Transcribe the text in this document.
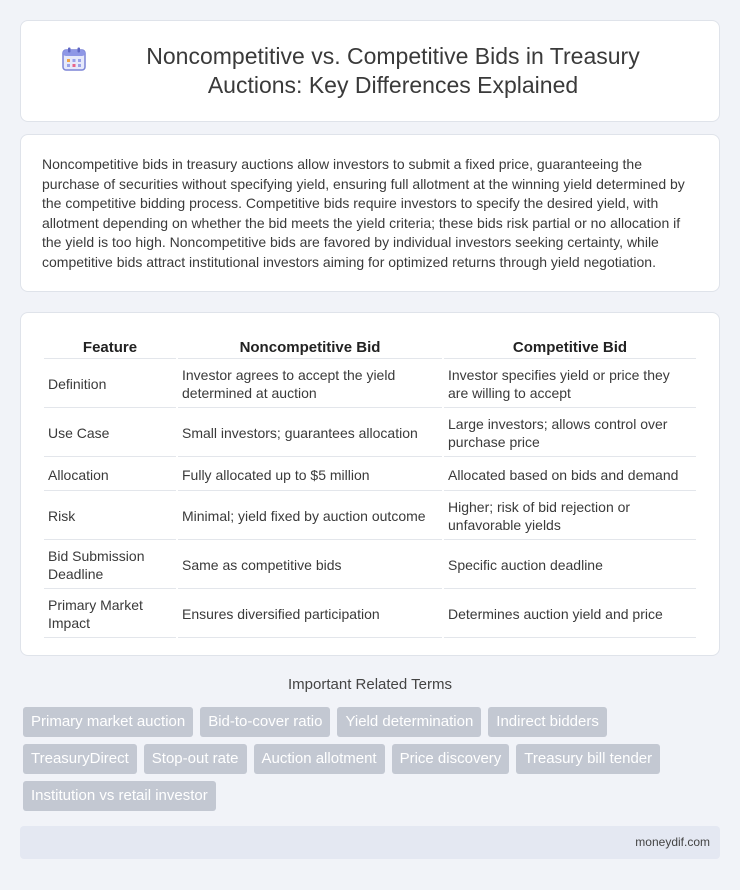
Noncompetitive vs. Competitive Bids in Treasury Auctions: Key Differences Explained

Noncompetitive bids in treasury auctions allow investors to submit a fixed price, guaranteeing the purchase of securities without specifying yield, ensuring full allotment at the winning yield determined by the competitive bidding process. Competitive bids require investors to specify the desired yield, with allotment depending on whether the bid meets the yield criteria; these bids risk partial or no allocation if the yield is too high. Noncompetitive bids are favored by individual investors seeking certainty, while competitive bids attract institutional investors aiming for optimized returns through yield negotiation.

Feature	Noncompetitive Bid	Competitive Bid
Definition	Investor agrees to accept the yield determined at auction	Investor specifies yield or price they are willing to accept
Use Case	Small investors; guarantees allocation	Large investors; allows control over purchase price
Allocation	Fully allocated up to $5 million	Allocated based on bids and demand
Risk	Minimal; yield fixed by auction outcome	Higher; risk of bid rejection or unfavorable yields
Bid Submission Deadline	Same as competitive bids	Specific auction deadline
Primary Market Impact	Ensures diversified participation	Determines auction yield and price
Important Related Terms
Primary market auction	Bid-to-cover ratio	Yield determination	Indirect bidders
TreasuryDirect	Stop-out rate	Auction allotment	Price discovery	Treasury bill tender
Institution vs retail investor
moneydif.com
